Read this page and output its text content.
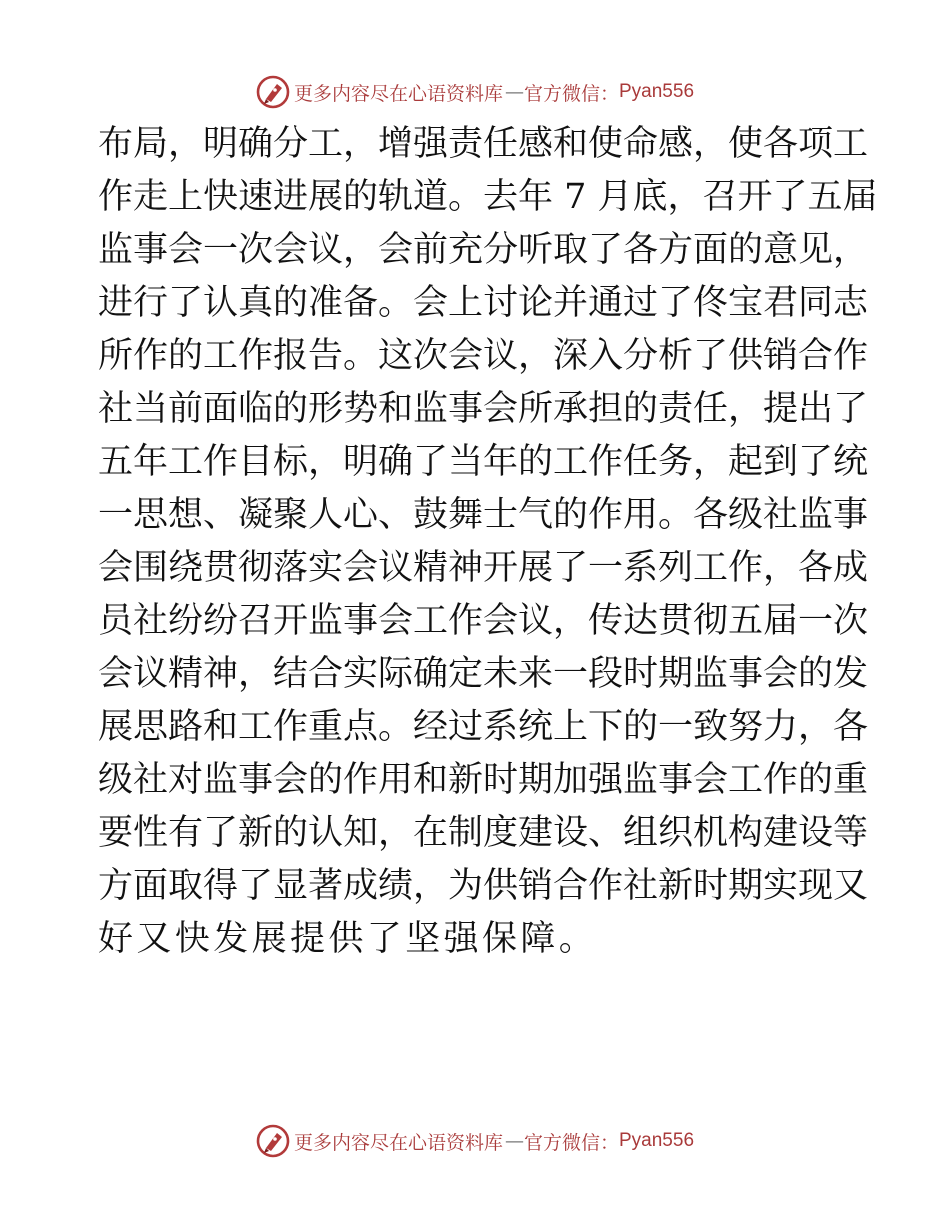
更多内容尽在心语资料库 — 官方微信： Pyan556
布局，明确分工，增强责任感和使命感，使各项工
作走上快速进展的轨道。去年 7 月底，召开了五届
监事会一次会议，会前充分听取了各方面的意见，
进行了认真的准备。会上讨论并通过了佟宝君同志
所作的工作报告。这次会议，深入分析了供销合作
社当前面临的形势和监事会所承担的责任，提出了
五年工作目标，明确了当年的工作任务，起到了统
一思想、凝聚人心、鼓舞士气的作用。各级社监事
会围绕贯彻落实会议精神开展了一系列工作，各成
员社纷纷召开监事会工作会议，传达贯彻五届一次
会议精神，结合实际确定未来一段时期监事会的发
展思路和工作重点。经过系统上下的一致努力，各
级社对监事会的作用和新时期加强监事会工作的重
要性有了新的认知，在制度建设、组织机构建设等
方面取得了显著成绩，为供销合作社新时期实现又
好又快发展提供了坚强保障。
更多内容尽在心语资料库 — 官方微信： Pyan556
